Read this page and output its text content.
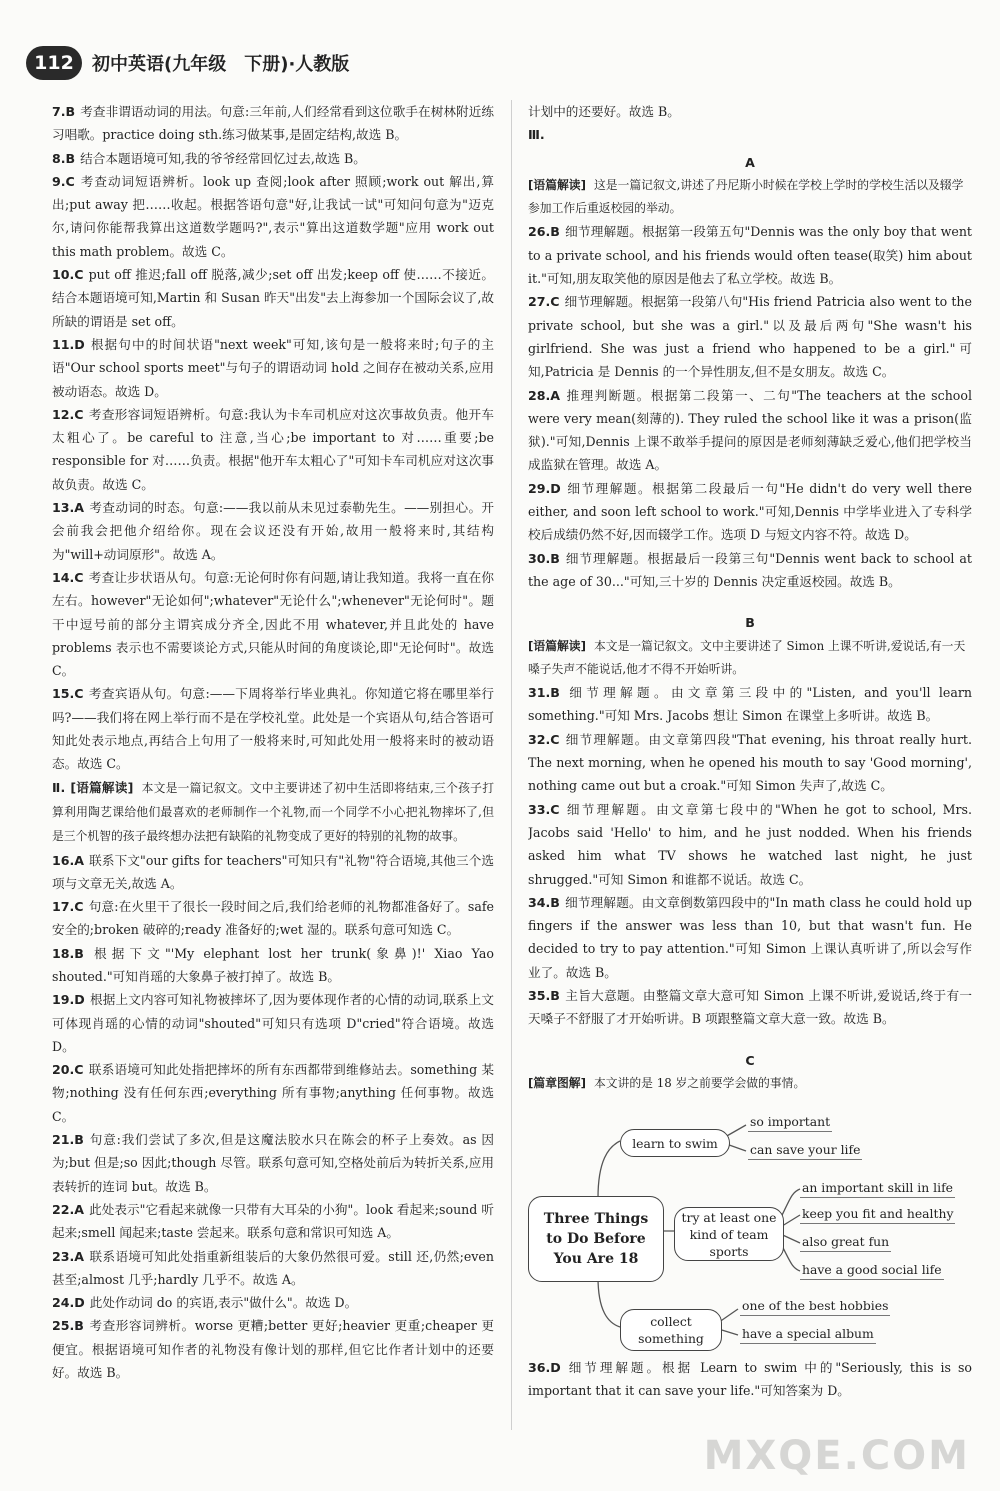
112	初中英语(九年级　下册)·人教版

7.B 考查非谓语动词的用法。句意:三年前,人们经常看到这位歌手在树林附近练习唱歌。practice doing sth.练习做某事,是固定结构,故选 B。

8.B 结合本题语境可知,我的爷爷经常回忆过去,故选 B。

9.C 考查动词短语辨析。look up 查阅;look after 照顾;work out 解出,算出;put away 把……收起。根据答语句意"好,让我试一试"可知问句意为"迈克尔,请问你能帮我算出这道数学题吗?",表示"算出这道数学题"应用 work out this math problem。故选 C。

10.C put off 推迟;fall off 脱落,减少;set off 出发;keep off 使……不接近。结合本题语境可知,Martin 和 Susan 昨天"出发"去上海参加一个国际会议了,故所缺的谓语是 set off。

11.D 根据句中的时间状语"next week"可知,该句是一般将来时;句子的主语"Our school sports meet"与句子的谓语动词 hold 之间存在被动关系,应用被动语态。故选 D。

12.C 考查形容词短语辨析。句意:我认为卡车司机应对这次事故负责。他开车太粗心了。be careful to 注意,当心;be important to 对……重要;be responsible for 对……负责。根据"他开车太粗心了"可知卡车司机应对这次事故负责。故选 C。

13.A 考查动词的时态。句意:——我以前从未见过泰勒先生。——别担心。开会前我会把他介绍给你。现在会议还没有开始,故用一般将来时,其结构为"will+动词原形"。故选 A。

14.C 考查让步状语从句。句意:无论何时你有问题,请让我知道。我将一直在你左右。however"无论如何";whatever"无论什么";whenever"无论何时"。题干中逗号前的部分主谓宾成分齐全,因此不用 whatever,并且此处的 have problems 表示也不需要谈论方式,只能从时间的角度谈论,即"无论何时"。故选 C。

15.C 考查宾语从句。句意:——下周将举行毕业典礼。你知道它将在哪里举行吗?——我们将在网上举行而不是在学校礼堂。此处是一个宾语从句,结合答语可知此处表示地点,再结合上句用了一般将来时,可知此处用一般将来时的被动语态。故选 C。

Ⅱ. [语篇解读] 本文是一篇记叙文。文中主要讲述了初中生活即将结束,三个孩子打算利用陶艺课给他们最喜欢的老师制作一个礼物,而一个同学不小心把礼物摔坏了,但是三个机智的孩子最终想办法把有缺陷的礼物变成了更好的特别的礼物的故事。

16.A 联系下文"our gifts for teachers"可知只有"礼物"符合语境,其他三个选项与文章无关,故选 A。

17.C 句意:在火里干了很长一段时间之后,我们给老师的礼物都准备好了。safe 安全的;broken 破碎的;ready 准备好的;wet 湿的。联系句意可知选 C。

18.B 根据下文"'My elephant lost her trunk(象鼻)!' Xiao Yao shouted."可知肖瑶的大象鼻子被打掉了。故选 B。

19.D 根据上文内容可知礼物被摔坏了,因为要体现作者的心情的动词,联系上文可体现肖瑶的心情的动词"shouted"可知只有选项 D"cried"符合语境。故选 D。

20.C 联系语境可知此处指把摔坏的所有东西都带到维修站去。something 某物;nothing 没有任何东西;everything 所有事物;anything 任何事物。故选 C。

21.B 句意:我们尝试了多次,但是这魔法胶水只在陈会的杯子上奏效。as 因为;but 但是;so 因此;though 尽管。联系句意可知,空格处前后为转折关系,应用表转折的连词 but。故选 B。

22.A 此处表示"它看起来就像一只带有大耳朵的小狗"。look 看起来;sound 听起来;smell 闻起来;taste 尝起来。联系句意和常识可知选 A。

23.A 联系语境可知此处指重新组装后的大象仍然很可爱。still 还,仍然;even 甚至;almost 几乎;hardly 几乎不。故选 A。

24.D 此处作动词 do 的宾语,表示"做什么"。故选 D。

25.B 考查形容词辨析。worse 更糟;better 更好;heavier 更重;cheaper 更便宜。根据语境可知作者的礼物没有像计划的那样,但它比作者计划中的还要好。故选 B。

计划中的还要好。故选 B。

Ⅲ.

A

[语篇解读] 这是一篇记叙文,讲述了丹尼斯小时候在学校上学时的学校生活以及辍学参加工作后重返校园的举动。

26.B 细节理解题。根据第一段第五句"Dennis was the only boy that went to a private school, and his friends would often tease(取笑) him about it."可知,朋友取笑他的原因是他去了私立学校。故选 B。

27.C 细节理解题。根据第一段第八句"His friend Patricia also went to the private school, but she was a girl."以及最后两句"She wasn't his girlfriend. She was just a friend who happened to be a girl."可知,Patricia 是 Dennis 的一个异性朋友,但不是女朋友。故选 C。

28.A 推理判断题。根据第二段第一、二句"The teachers at the school were very mean(刻薄的). They ruled the school like it was a prison(监狱)."可知,Dennis 上课不敢举手提问的原因是老师刻薄缺乏爱心,他们把学校当成监狱在管理。故选 A。

29.D 细节理解题。根据第二段最后一句"He didn't do very well there either, and soon left school to work."可知,Dennis 中学毕业进入了专科学校后成绩仍然不好,因而辍学工作。选项 D 与短文内容不符。故选 D。

30.B 细节理解题。根据最后一段第三句"Dennis went back to school at the age of 30..."可知,三十岁的 Dennis 决定重返校园。故选 B。

B

[语篇解读] 本文是一篇记叙文。文中主要讲述了 Simon 上课不听讲,爱说话,有一天嗓子失声不能说话,他才不得不开始听讲。

31.B 细节理解题。由文章第三段中的"Listen, and you'll learn something."可知 Mrs. Jacobs 想让 Simon 在课堂上多听讲。故选 B。

32.C 细节理解题。由文章第四段"That evening, his throat really hurt. The next morning, when he opened his mouth to say 'Good morning', nothing came out but a croak."可知 Simon 失声了,故选 C。

33.C 细节理解题。由文章第七段中的"When he got to school, Mrs. Jacobs said 'Hello' to him, and he just nodded. When his friends asked him what TV shows he watched last night, he just shrugged."可知 Simon 和谁都不说话。故选 C。

34.B 细节理解题。由文章倒数第四段中的"In math class he could hold up fingers if the answer was less than 10, but that wasn't fun. He decided to try to pay attention."可知 Simon 上课认真听讲了,所以会写作业了。故选 B。

35.B 主旨大意题。由整篇文章大意可知 Simon 上课不听讲,爱说话,终于有一天嗓子不舒服了才开始听讲。B 项跟整篇文章大意一致。故选 B。

C

[篇章图解] 本文讲的是 18 岁之前要学会做的事情。

Three Things to Do Before You Are 18
learn to swim
so important
can save your life
try at least one kind of team sports
an important skill in life
keep you fit and healthy
also great fun
have a good social life
collect something
one of the best hobbies
have a special album

36.D 细节理解题。根据 Learn to swim 中的"Seriously, this is so important that it can save your life."可知答案为 D。

MXQE.COM
